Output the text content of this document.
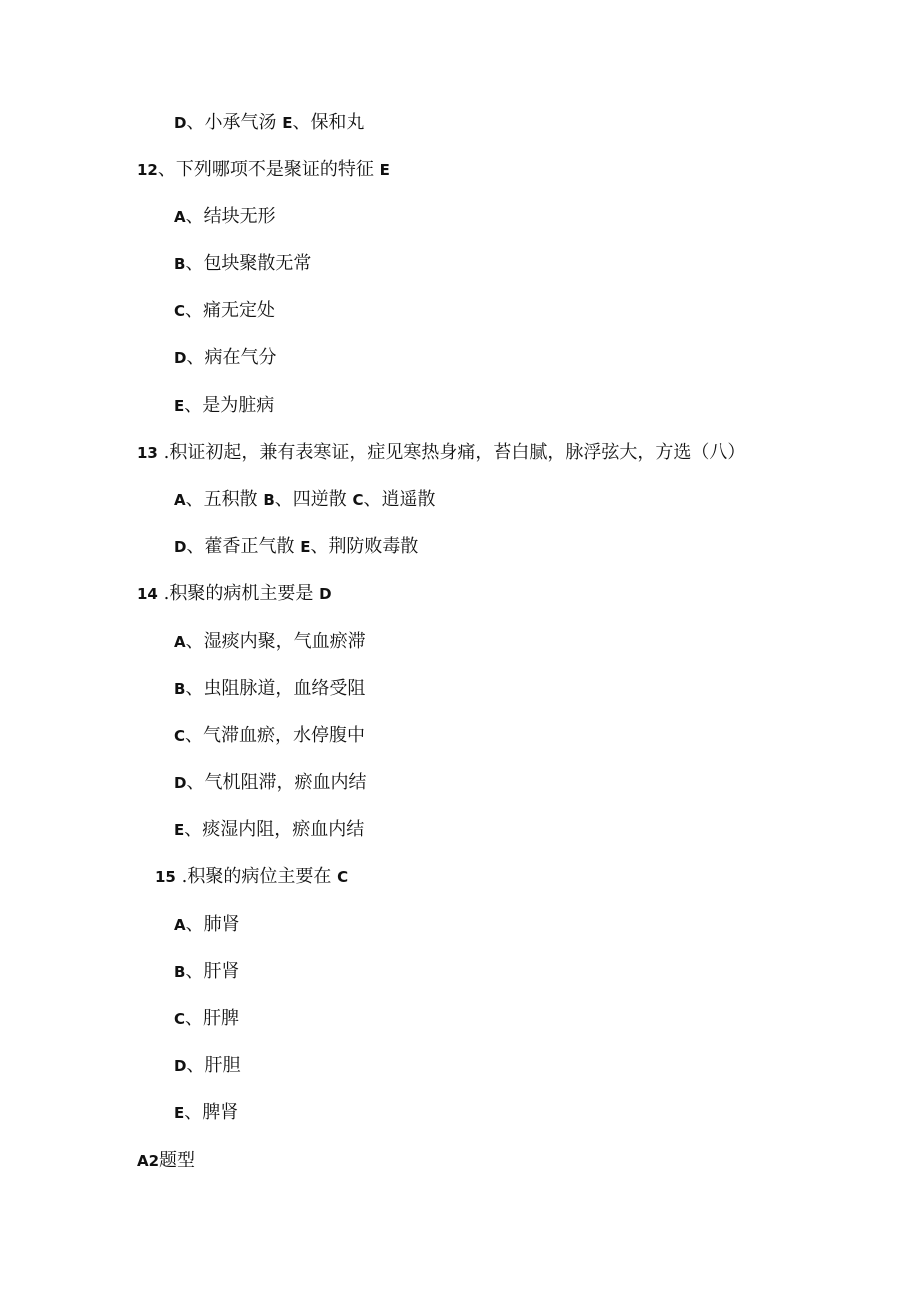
D、小承气汤 E、保和丸
12、下列哪项不是聚证的特征 E
A、结块无形
B、包块聚散无常
C、痛无定处
D、病在气分
E、是为脏病
13 .积证初起，兼有表寒证，症见寒热身痛，苔白腻，脉浮弦大，方选（八）
A、五积散 B、四逆散 C、逍遥散
D、藿香正气散 E、荆防败毒散
14 .积聚的病机主要是 D
A、湿痰内聚，气血瘀滞
B、虫阻脉道，血络受阻
C、气滞血瘀，水停腹中
D、气机阻滞，瘀血内结
E、痰湿内阻，瘀血内结
15 .积聚的病位主要在 C
A、肺肾
B、肝肾
C、肝脾
D、肝胆
E、脾肾
A2题型
